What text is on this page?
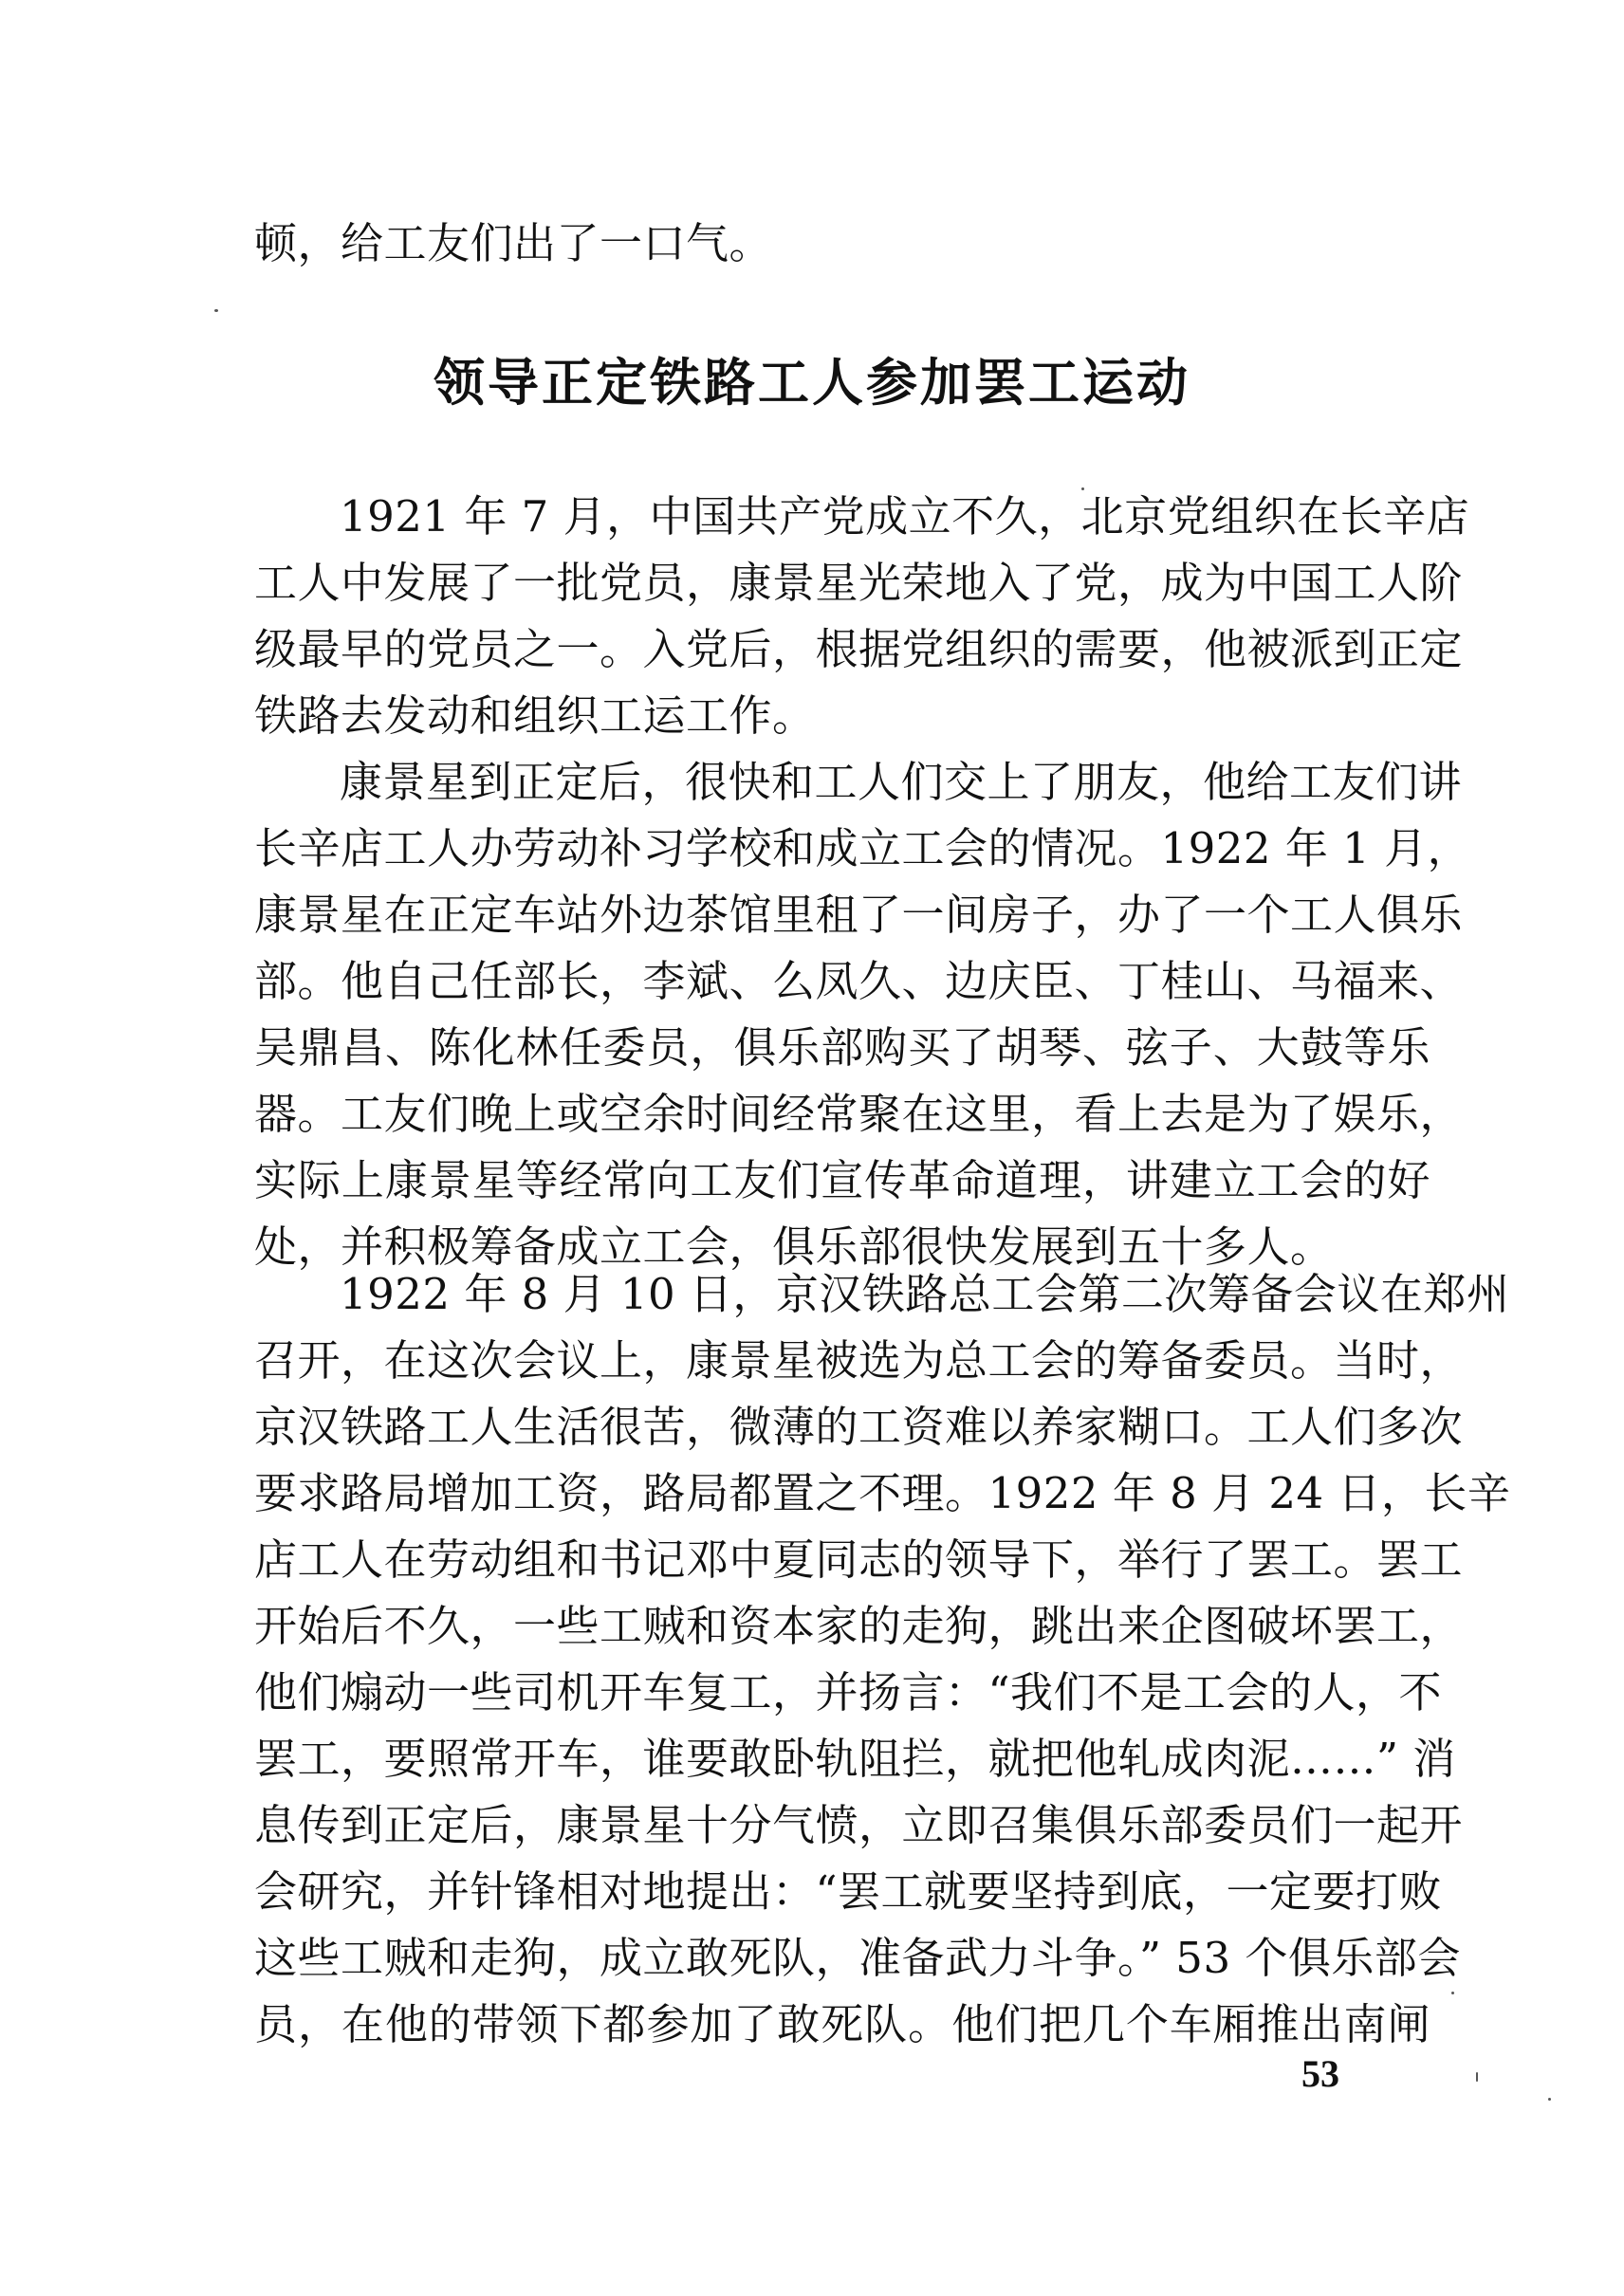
顿，给工友们出了一口气。
领导正定铁路工人参加罢工运动
1921 年 7 月，中国共产党成立不久，北京党组织在长辛店
工人中发展了一批党员，康景星光荣地入了党，成为中国工人阶
级最早的党员之一。入党后，根据党组织的需要，他被派到正定
铁路去发动和组织工运工作。
康景星到正定后，很快和工人们交上了朋友，他给工友们讲
长辛店工人办劳动补习学校和成立工会的情况。1922 年 1 月，
康景星在正定车站外边茶馆里租了一间房子，办了一个工人俱乐
部。他自己任部长，李斌、么凤久、边庆臣、丁桂山、马福来、
吴鼎昌、陈化林任委员，俱乐部购买了胡琴、弦子、大鼓等乐
器。工友们晚上或空余时间经常聚在这里，看上去是为了娱乐，
实际上康景星等经常向工友们宣传革命道理，讲建立工会的好
处，并积极筹备成立工会，俱乐部很快发展到五十多人。
1922 年 8 月 10 日，京汉铁路总工会第二次筹备会议在郑州
召开，在这次会议上，康景星被选为总工会的筹备委员。当时，
京汉铁路工人生活很苦，微薄的工资难以养家糊口。工人们多次
要求路局增加工资，路局都置之不理。1922 年 8 月 24 日，长辛
店工人在劳动组和书记邓中夏同志的领导下，举行了罢工。罢工
开始后不久，一些工贼和资本家的走狗，跳出来企图破坏罢工，
他们煽动一些司机开车复工，并扬言：“我们不是工会的人，不
罢工，要照常开车，谁要敢卧轨阻拦，就把他轧成肉泥……” 消
息传到正定后，康景星十分气愤，立即召集俱乐部委员们一起开
会研究，并针锋相对地提出：“罢工就要坚持到底，一定要打败
这些工贼和走狗，成立敢死队，准备武力斗争。” 53 个俱乐部会
员，在他的带领下都参加了敢死队。他们把几个车厢推出南闸
53
